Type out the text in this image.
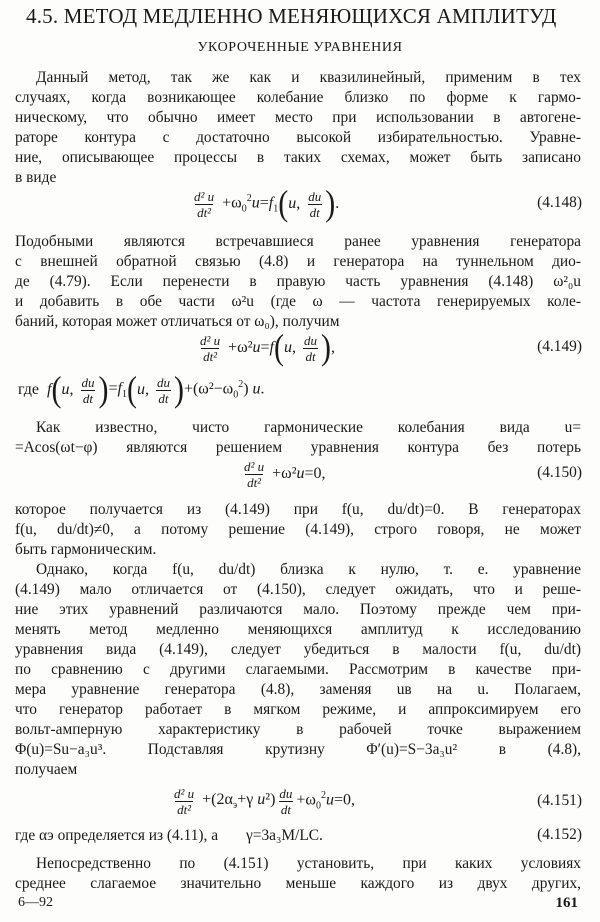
4.5. МЕТОД МЕДЛЕННО МЕНЯЮЩИХСЯ АМПЛИТУД
УКОРОЧЕННЫЕ УРАВНЕНИЯ
Данный метод, так же как и квазилинейный, применим в тех
случаях, когда возникающее колебание близко по форме к гармо-
ническому, что обычно имеет место при использовании в автогене-
раторе контура с достаточно высокой избирательностью. Уравне-
ние, описывающее процессы в таких схемах, может быть записано
в виде
$\frac{\text{d² u}}{\text{dt²}} +\omega_0^2u=f_1$ ( u , $\frac{du}{dt}$ ) .	(4.148)
Подобными являются встречавшиеся ранее уравнения генератора
с внешней обратной связью (4.8) и генератора на туннельном дио-
де (4.79). Если перенести в правую часть уравнения (4.148) ω²₀u
и добавить в обе части ω²u (где ω — частота генерируемых коле-
баний, которая может отличаться от ω₀), получим
$\frac{\text{d² u}}{\text{dt²}} +\omega^2u=f$ ( u , $\frac{du}{dt}$ ) ,	(4.149)
где f ( u , $\frac{du}{dt}$ ) $=f_1$ ( u , $\frac{du}{dt}$ ) $+(\omega^2-\omega_0^2)$ u.
Как известно, чисто гармонические колебания вида u=
=Acos(ωt−φ) являются решением уравнения контура без потерь
$\frac{\text{d² u}}{\text{dt²}} +\omega^2u=0$,	(4.150)
которое получается из (4.149) при f(u, du/dt)=0. В генераторах
f(u, du/dt)≠0, а потому решение (4.149), строго говоря, не может
быть гармоническим.
Однако, когда f(u, du/dt) близка к нулю, т. е. уравнение
(4.149) мало отличается от (4.150), следует ожидать, что и реше-
ние этих уравнений различаются мало. Поэтому прежде чем при-
менять метод медленно меняющихся амплитуд к исследованию
уравнения вида (4.149), следует убедиться в малости f(u, du/dt)
по сравнению с другими слагаемыми. Рассмотрим в качестве при-
мера уравнение генератора (4.8), заменяя uв на u. Полагаем,
что генератор работает в мягком режиме, и аппроксимируем его
вольт-амперную характеристику в рабочей точке выражением
Φ(u)=Su−a₃u³. Подставляя крутизну Φ′(u)=S−3a₃u² в (4.8),
получаем
$\frac{\text{d² u}}{\text{dt²}} +(2\alpha_э+\gamma$ $u^2) \frac{du}{dt} +\omega_0^2u=0$,	(4.151)
где αэ определяется из (4.11), а	γ=3a₃M/LC.	(4.152)
Непосредственно по (4.151) установить, при каких условиях
среднее слагаемое значительно меньше каждого из двух других,
6—92	161
